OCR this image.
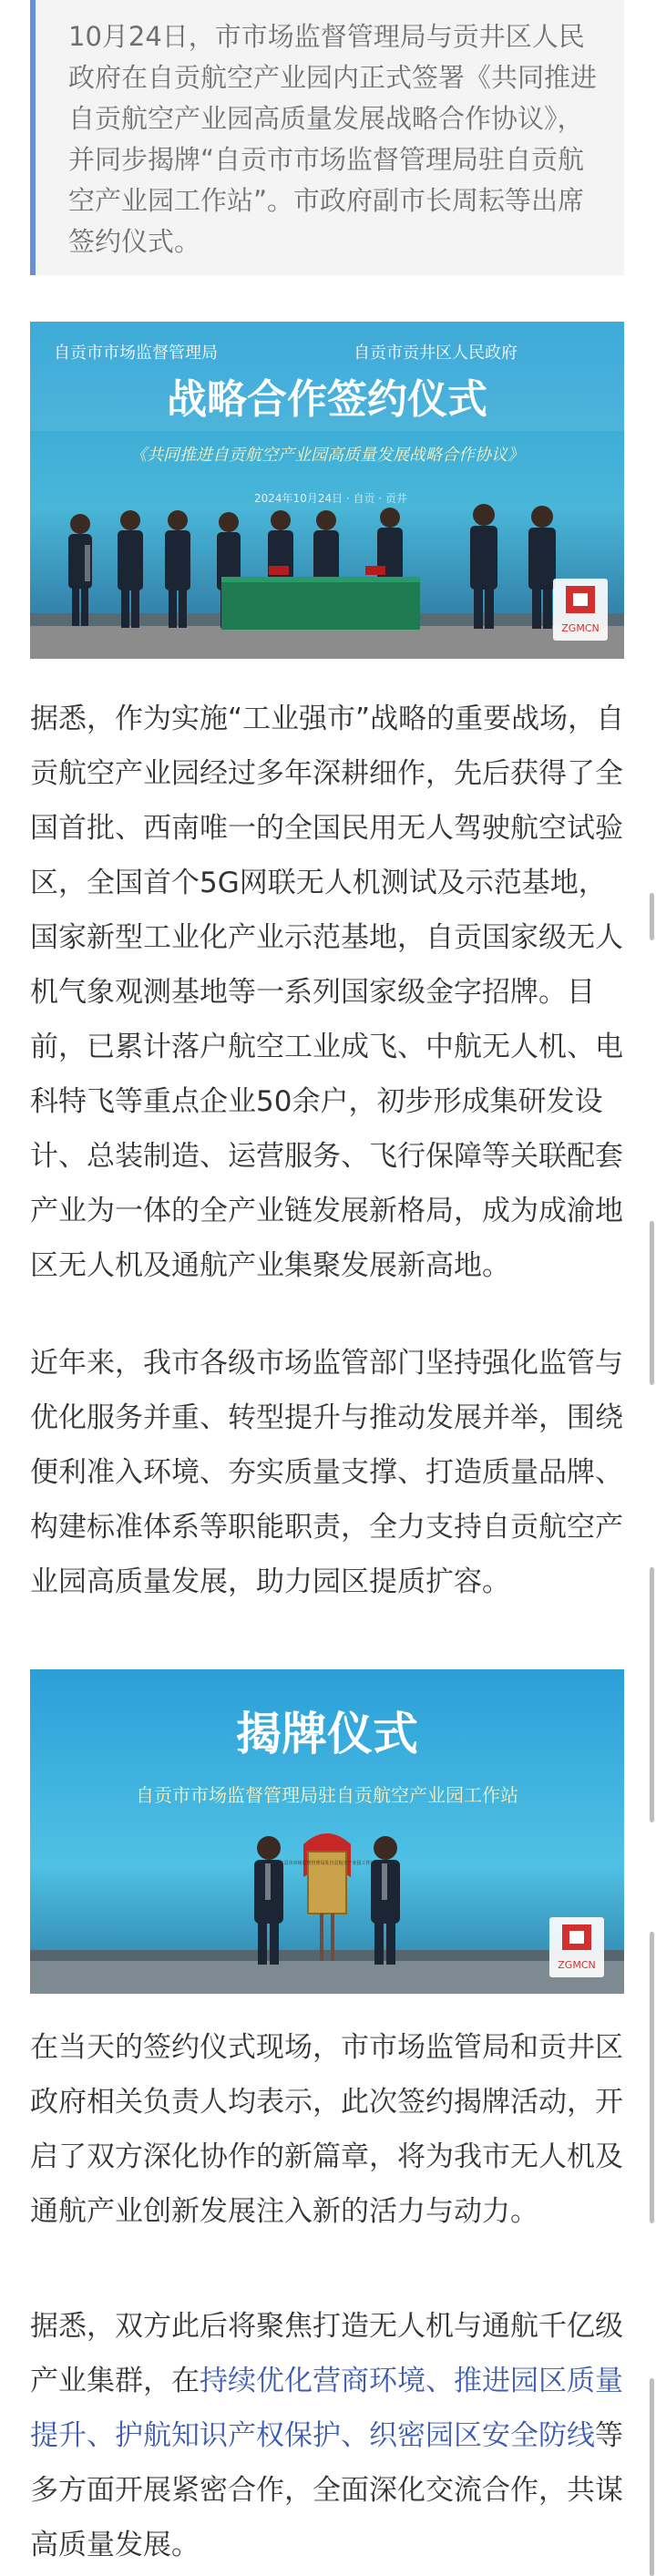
10月24日，市市场监督管理局与贡井区人民政府在自贡航空产业园内正式签署《共同推进自贡航空产业园高质量发展战略合作协议》，并同步揭牌“自贡市市场监督管理局驻自贡航空产业园工作站”。市政府副市长周耘等出席签约仪式。

自贡市市场监督管理局	自贡市贡井区人民政府
战略合作签约仪式
《共同推进自贡航空产业园高质量发展战略合作协议》
2024年10月24日 · 自贡 · 贡井
ZGMCN

据悉，作为实施“工业强市”战略的重要战场，自贡航空产业园经过多年深耕细作，先后获得了全国首批、西南唯一的全国民用无人驾驶航空试验区，全国首个5G网联无人机测试及示范基地，国家新型工业化产业示范基地，自贡国家级无人机气象观测基地等一系列国家级金字招牌。目前，已累计落户航空工业成飞、中航无人机、电科特飞等重点企业50余户，初步形成集研发设计、总装制造、运营服务、飞行保障等关联配套产业为一体的全产业链发展新格局，成为成渝地区无人机及通航产业集聚发展新高地。

近年来，我市各级市场监管部门坚持强化监管与优化服务并重、转型提升与推动发展并举，围绕便利准入环境、夯实质量支撑、打造质量品牌、构建标准体系等职能职责，全力支持自贡航空产业园高质量发展，助力园区提质扩容。

揭牌仪式
自贡市市场监督管理局驻自贡航空产业园工作站
自贡市市场监督管理局驻自贡航空产业园工作站
ZGMCN

在当天的签约仪式现场，市市场监管局和贡井区政府相关负责人均表示，此次签约揭牌活动，开启了双方深化协作的新篇章，将为我市无人机及通航产业创新发展注入新的活力与动力。

据悉，双方此后将聚焦打造无人机与通航千亿级产业集群，在持续优化营商环境、推进园区质量提升、护航知识产权保护、织密园区安全防线等多方面开展紧密合作，全面深化交流合作，共谋高质量发展。
